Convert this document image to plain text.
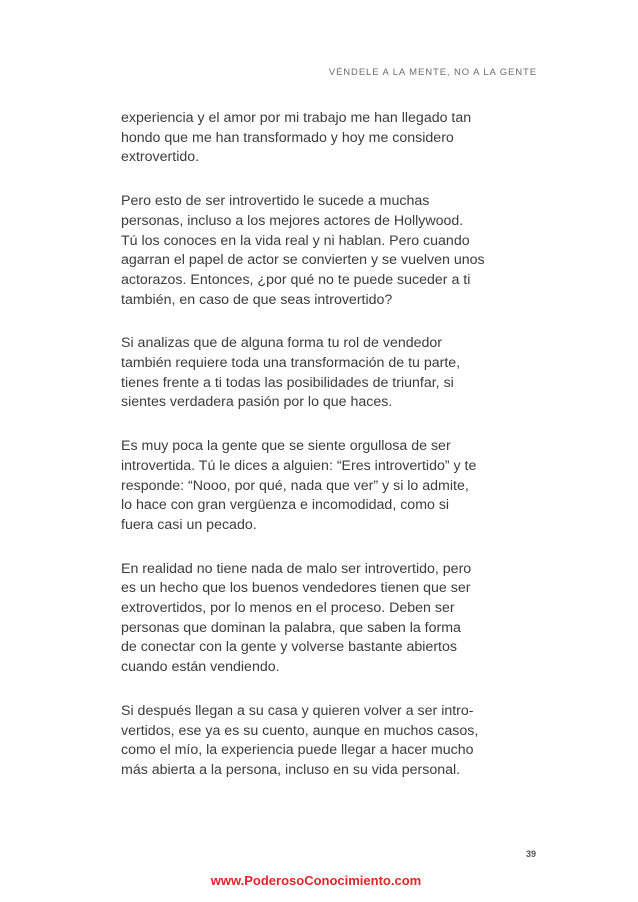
VÉNDELE A LA MENTE, NO A LA GENTE

experiencia y el amor por mi trabajo me han llegado tan
hondo que me han transformado y hoy me considero
extrovertido.

Pero esto de ser introvertido le sucede a muchas
personas, incluso a los mejores actores de Hollywood.
Tú los conoces en la vida real y ni hablan. Pero cuando
agarran el papel de actor se convierten y se vuelven unos
actorazos. Entonces, ¿por qué no te puede suceder a ti
también, en caso de que seas introvertido?

Si analizas que de alguna forma tu rol de vendedor
también requiere toda una transformación de tu parte,
tienes frente a ti todas las posibilidades de triunfar, si
sientes verdadera pasión por lo que haces.

Es muy poca la gente que se siente orgullosa de ser
introvertida. Tú le dices a alguien: “Eres introvertido” y te
responde: “Nooo, por qué, nada que ver” y si lo admite,
lo hace con gran vergüenza e incomodidad, como si
fuera casi un pecado.

En realidad no tiene nada de malo ser introvertido, pero
es un hecho que los buenos vendedores tienen que ser
extrovertidos, por lo menos en el proceso. Deben ser
personas que dominan la palabra, que saben la forma
de conectar con la gente y volverse bastante abiertos
cuando están vendiendo.

Si después llegan a su casa y quieren volver a ser intro-
vertidos, ese ya es su cuento, aunque en muchos casos,
como el mío, la experiencia puede llegar a hacer mucho
más abierta a la persona, incluso en su vida personal.

39
www.PoderosoConocimiento.com
